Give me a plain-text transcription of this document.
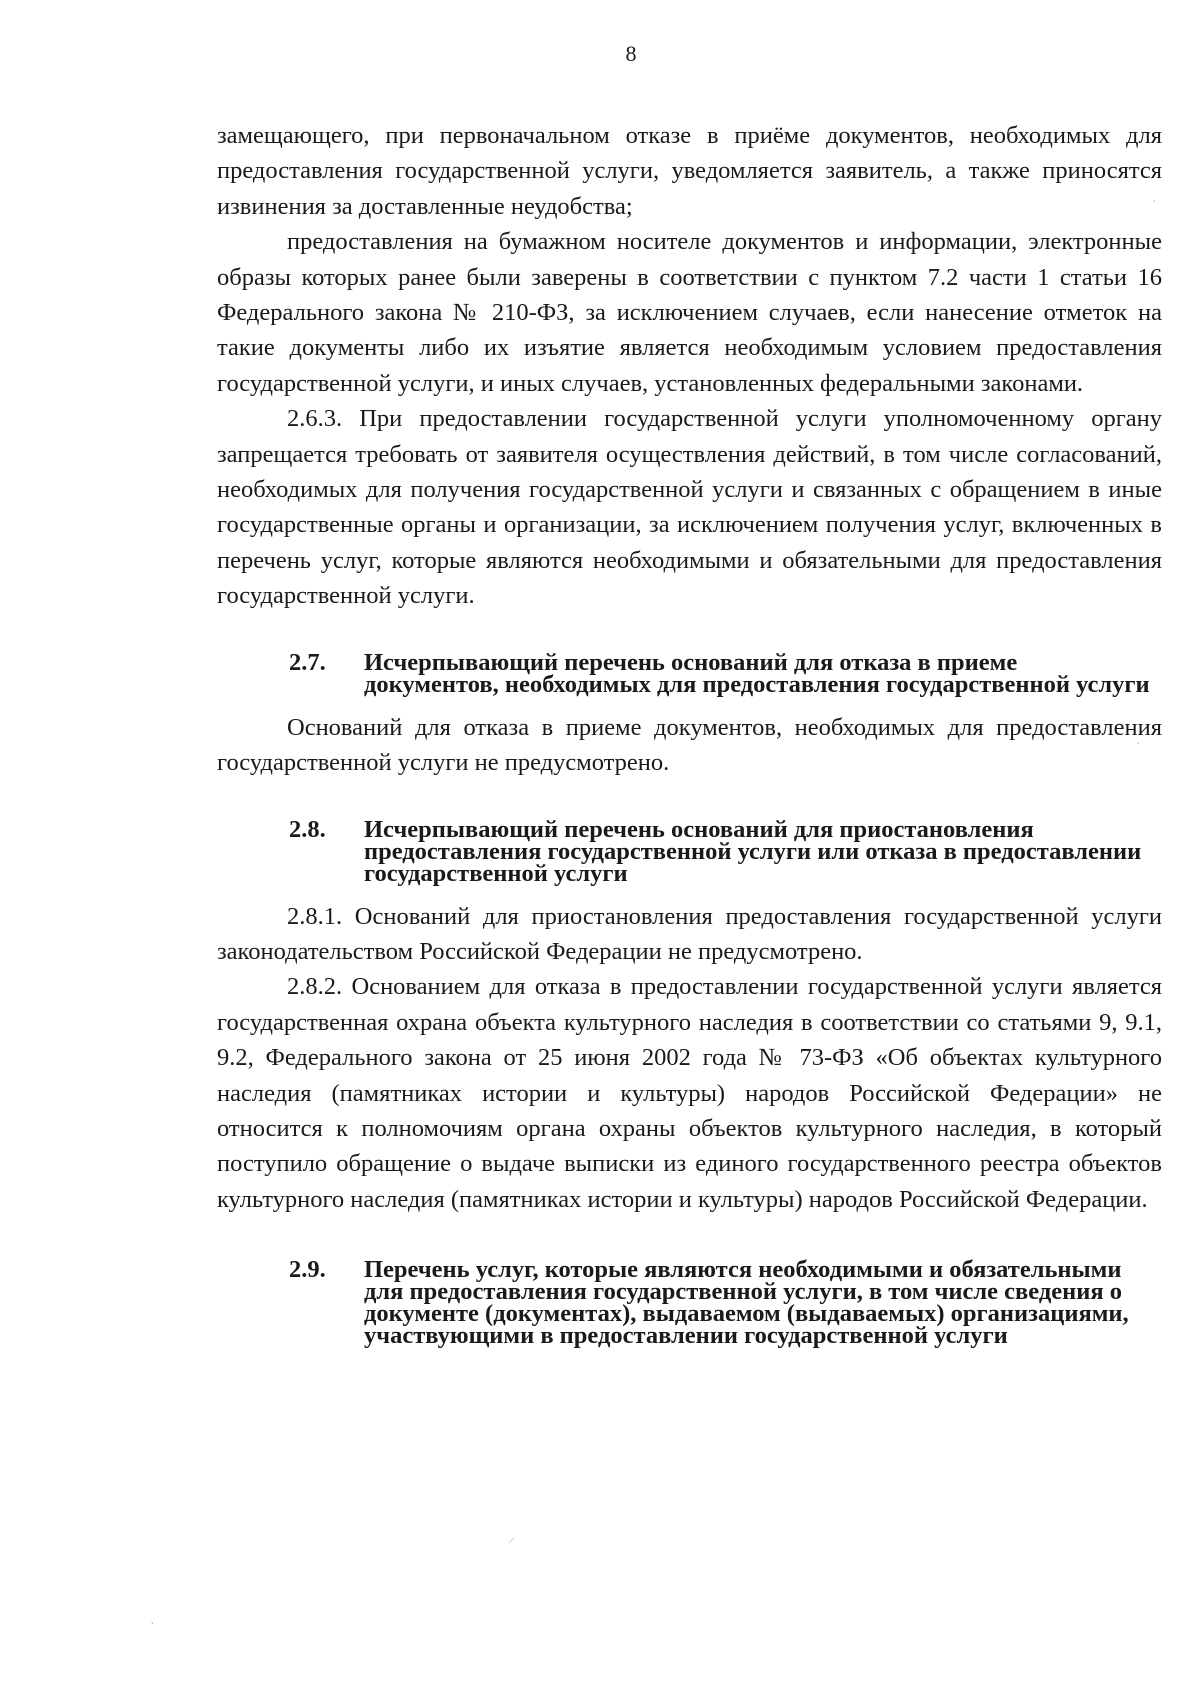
8

замещающего, при первоначальном отказе в приёме документов, необходимых для предоставления государственной услуги, уведомляется заявитель, а также приносятся извинения за доставленные неудобства;

предоставления на бумажном носителе документов и информации, электронные образы которых ранее были заверены в соответствии с пунктом 7.2 части 1 статьи 16 Федерального закона № 210-ФЗ, за исключением случаев, если нанесение отметок на такие документы либо их изъятие является необходимым условием предоставления государственной услуги, и иных случаев, установленных федеральными законами.

2.6.3. При предоставлении государственной услуги уполномоченному органу запрещается требовать от заявителя осуществления действий, в том числе согласований, необходимых для получения государственной услуги и связанных с обращением в иные государственные органы и организации, за исключением получения услуг, включенных в перечень услуг, которые являются необходимыми и обязательными для предоставления государственной услуги.

2.7. Исчерпывающий перечень оснований для отказа в приеме документов, необходимых для предоставления государственной услуги

Оснований для отказа в приеме документов, необходимых для предоставления государственной услуги не предусмотрено.

2.8. Исчерпывающий перечень оснований для приостановления предоставления государственной услуги или отказа в предоставлении государственной услуги

2.8.1. Оснований для приостановления предоставления государственной услуги законодательством Российской Федерации не предусмотрено.

2.8.2. Основанием для отказа в предоставлении государственной услуги является государственная охрана объекта культурного наследия в соответствии со статьями 9, 9.1, 9.2, Федерального закона от 25 июня 2002 года № 73-ФЗ «Об объектах культурного наследия (памятниках истории и культуры) народов Российской Федерации» не относится к полномочиям органа охраны объектов культурного наследия, в который поступило обращение о выдаче выписки из единого государственного реестра объектов культурного наследия (памятниках истории и культуры) народов Российской Федерации.

2.9. Перечень услуг, которые являются необходимыми и обязательными для предоставления государственной услуги, в том числе сведения о документе (документах), выдаваемом (выдаваемых) организациями, участвующими в предоставлении государственной услуги
·
·
⸝
·
